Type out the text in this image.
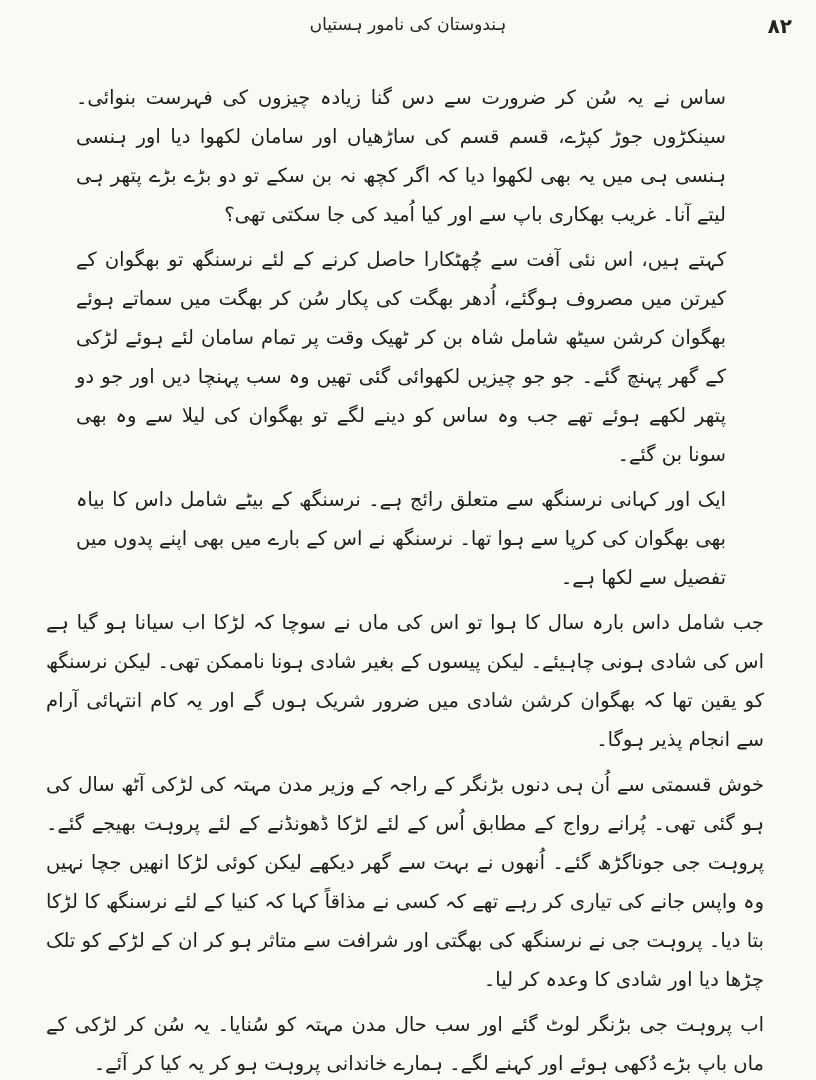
ہندوستان کی نامور ہستیاں	۸۲

ساس نے یہ سُن کر ضرورت سے دس گنا زیادہ چیزوں کی فہرست بنوائی۔ سینکڑوں جوڑ کپڑے، قسم قسم کی ساڑھیاں اور سامان لکھوا دیا اور ہنسی ہنسی ہی میں یہ بھی لکھوا دیا کہ اگر کچھ نہ بن سکے تو دو بڑے بڑے پتھر ہی لیتے آنا۔ غریب بھکاری باپ سے اور کیا اُمید کی جا سکتی تھی؟

کہتے ہیں، اس نئی آفت سے چُھٹکارا حاصل کرنے کے لئے نرسنگھ تو بھگوان کے کیرتن میں مصروف ہوگئے، اُدھر بھگت کی پکار سُن کر بھگت میں سماتے ہوئے بھگوان کرشن سیٹھ شامل شاہ بن کر ٹھیک وقت پر تمام سامان لئے ہوئے لڑکی کے گھر پہنچ گئے۔ جو جو چیزیں لکھوائی گئی تھیں وہ سب پہنچا دیں اور جو دو پتھر لکھے ہوئے تھے جب وہ ساس کو دینے لگے تو بھگوان کی لیلا سے وہ بھی سونا بن گئے۔

ایک اور کہانی نرسنگھ سے متعلق رائج ہے۔ نرسنگھ کے بیٹے شامل داس کا بیاہ بھی بھگوان کی کرپا سے ہوا تھا۔ نرسنگھ نے اس کے بارے میں بھی اپنے پدوں میں تفصیل سے لکھا ہے۔

جب شامل داس بارہ سال کا ہوا تو اس کی ماں نے سوچا کہ لڑکا اب سیانا ہو گیا ہے اس کی شادی ہونی چاہیئے۔ لیکن پیسوں کے بغیر شادی ہونا ناممکن تھی۔ لیکن نرسنگھ کو یقین تھا کہ بھگوان کرشن شادی میں ضرور شریک ہوں گے اور یہ کام انتہائی آرام سے انجام پذیر ہوگا۔

خوش قسمتی سے اُن ہی دنوں بڑنگر کے راجہ کے وزیر مدن مہتہ کی لڑکی آٹھ سال کی ہو گئی تھی۔ پُرانے رواج کے مطابق اُس کے لئے لڑکا ڈھونڈنے کے لئے پروہت بھیجے گئے۔ پروہت جی جوناگڑھ گئے۔ اُنھوں نے بہت سے گھر دیکھے لیکن کوئی لڑکا انھیں جچا نہیں وہ واپس جانے کی تیاری کر رہے تھے کہ کسی نے مذاقاً کہا کہ کنیا کے لئے نرسنگھ کا لڑکا بتا دیا۔ پروہت جی نے نرسنگھ کی بھگتی اور شرافت سے متاثر ہو کر ان کے لڑکے کو تلک چڑھا دیا اور شادی کا وعدہ کر لیا۔

اب پروہت جی بڑنگر لوٹ گئے اور سب حال مدن مہتہ کو سُنایا۔ یہ سُن کر لڑکی کے ماں باپ بڑے دُکھی ہوئے اور کہنے لگے۔ ہمارے خاندانی پروہت ہو کر یہ کیا کر آئے۔
